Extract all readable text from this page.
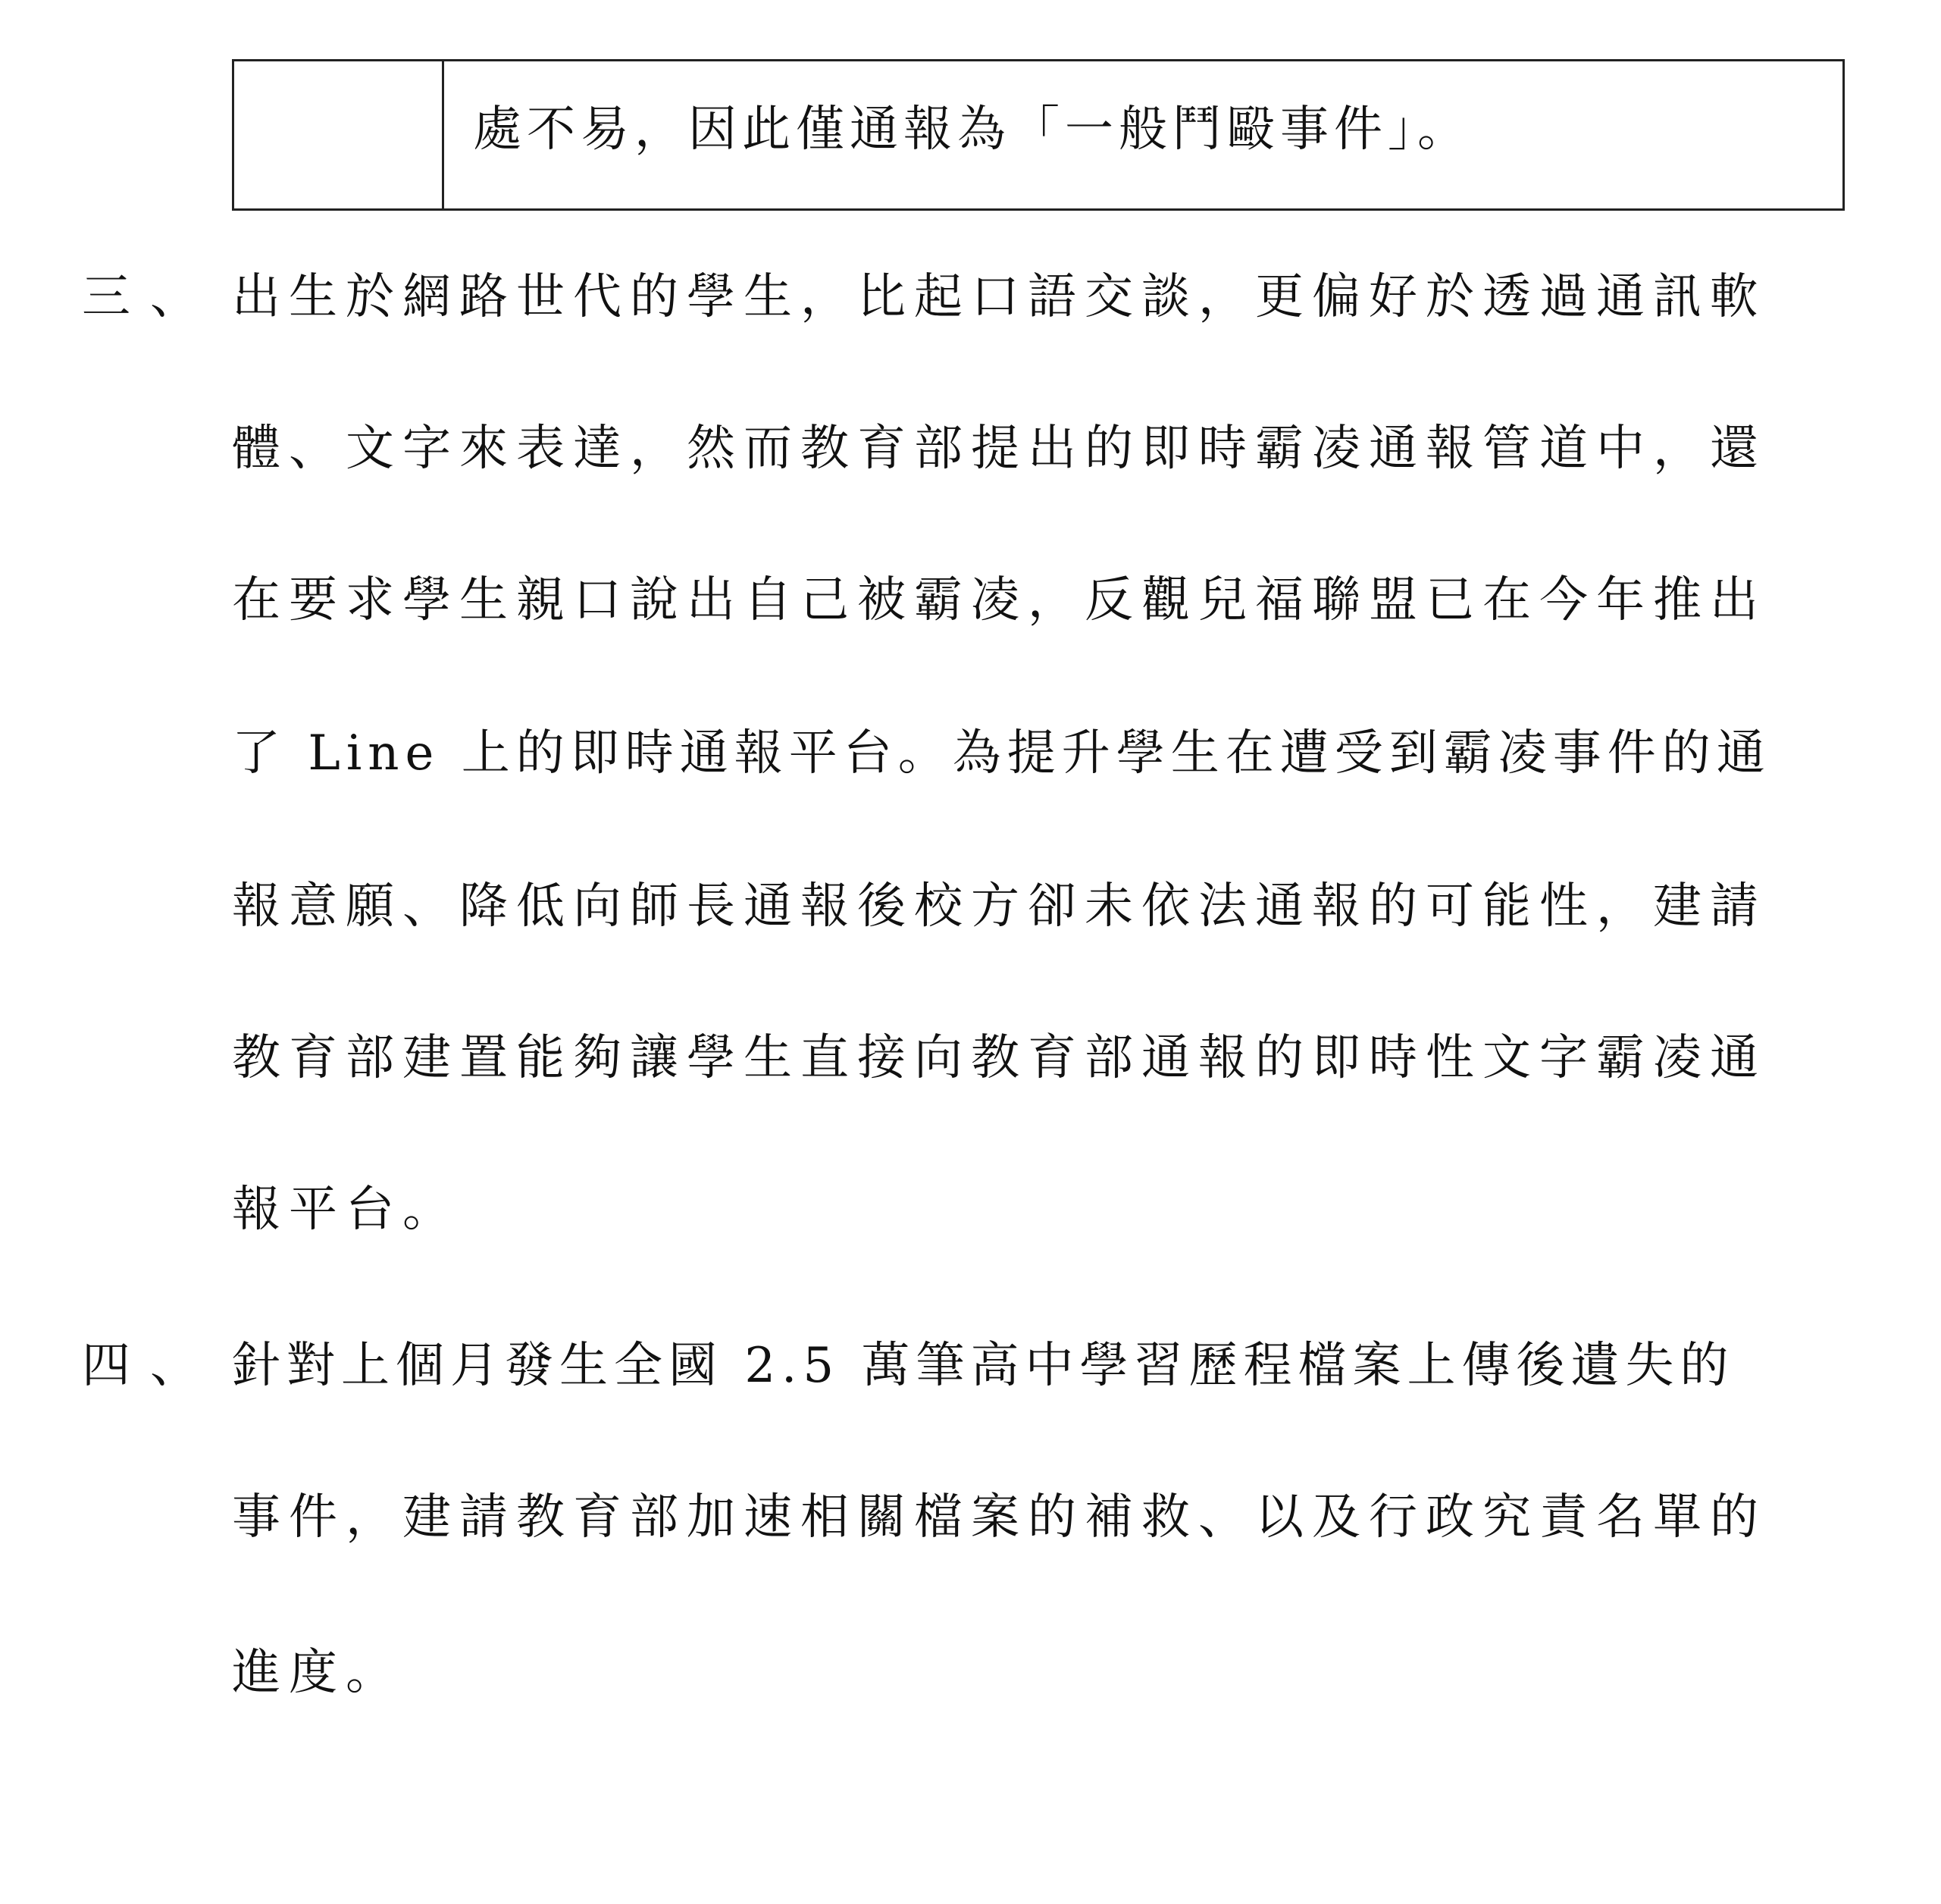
處不易，因此僅通報為「一般鬥毆事件」。
三、 出生於網路世代的學生，比起口語交談，更偏好於透過通訊軟
體、文字來表達，然而教育部提出的即時霸凌通報管道中，還
在要求學生親口說出自己被霸凌，反觀兒福聯盟已在今年推出
了 Line 上的即時通報平台。為提升學生在遭受到霸凌事件的通
報意願、降低向師長通報後校方卻未依法通報的可能性，建請
教育部建置能夠讓學生直接向教育部通報的即時性文字霸凌通
報平台。
四、 針對上個月發生全國 2.5 萬筆高中學習歷程檔案上傳後遺失的
事件，建請教育部加速相關檔案的補救、以及行政究責名單的
進度。
